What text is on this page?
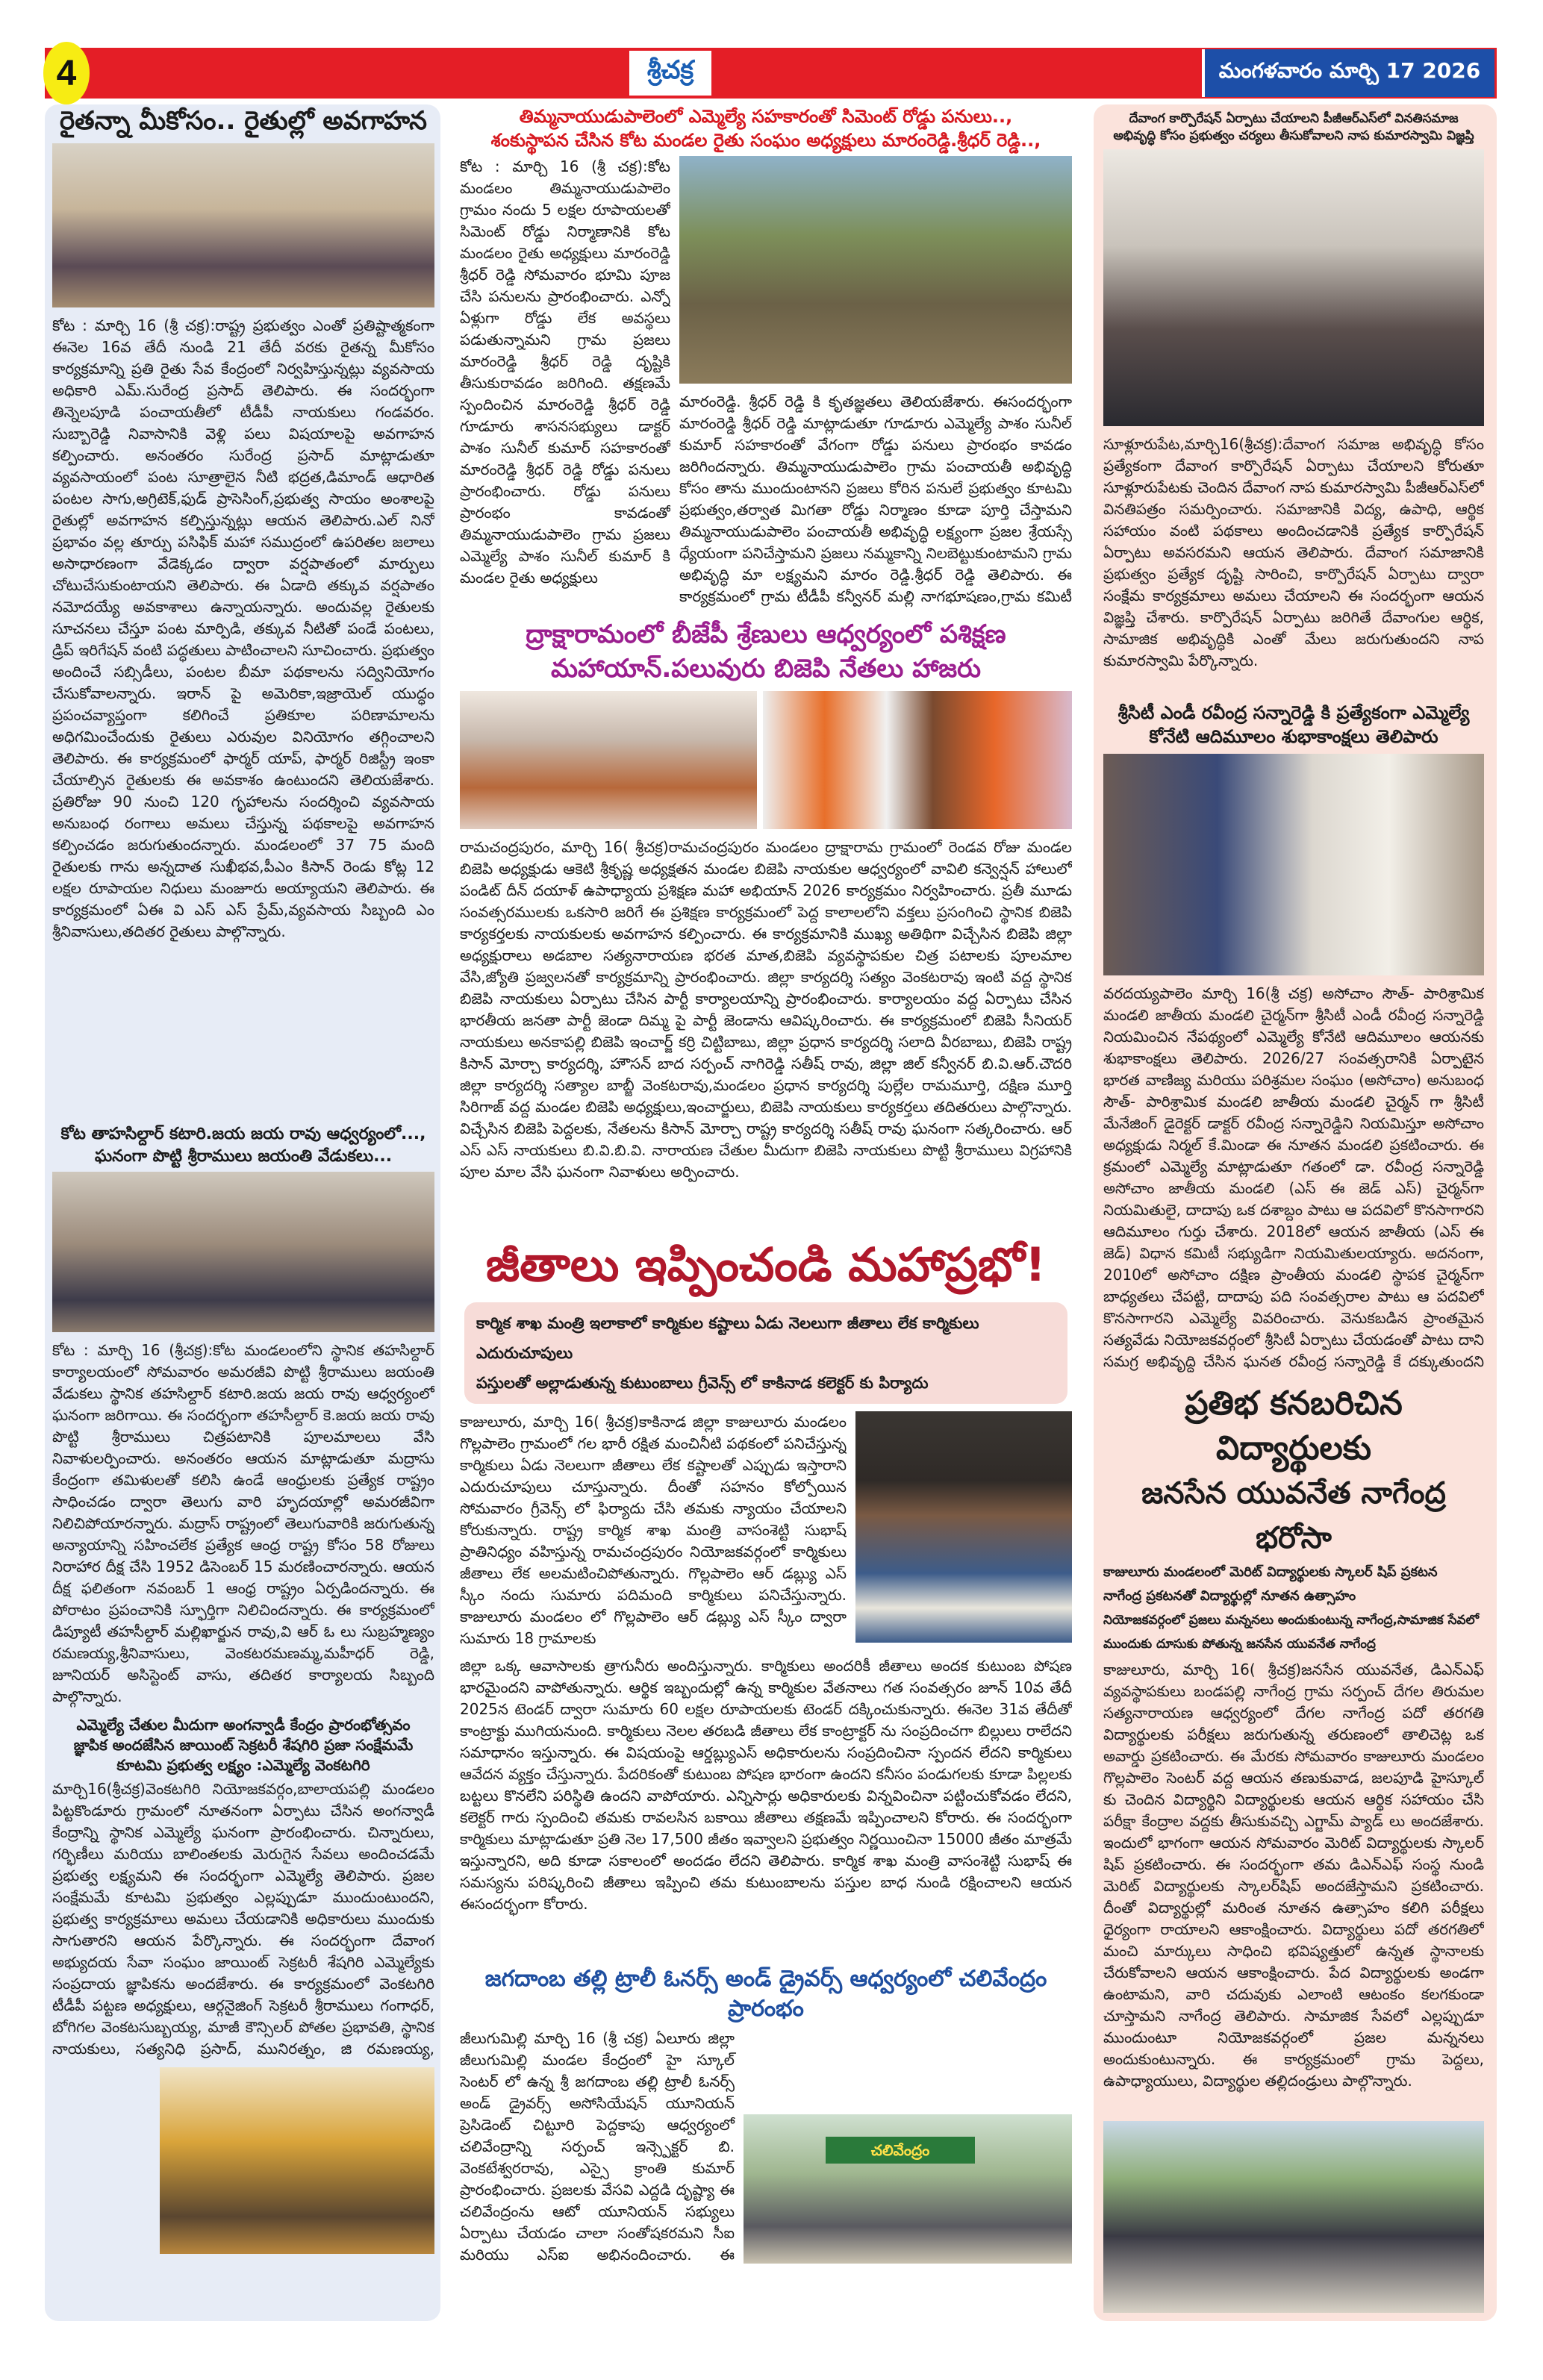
4	శ్రీచక్ర	మంగళవారం మార్చి 17 2026
రైతన్నా మీకోసం.. రైతుల్లో అవగాహన
కోట : మార్చి 16 (శ్రీ చక్ర):రాష్ట్ర ప్రభుత్వం ఎంతో ప్రతిష్టాత్మకంగా ఈనెల 16వ తేదీ నుండి 21 తేదీ వరకు రైతన్న మీకోసం కార్యక్రమాన్ని ప్రతి రైతు సేవ కేంద్రంలో నిర్వహిస్తున్నట్లు వ్యవసాయ అధికారి ఎమ్.సురేంద్ర ప్రసాద్ తెలిపారు. ఈ సందర్భంగా తిన్నెలపూడి పంచాయతీలో టీడీపీ నాయకులు గండవరం. సుబ్బారెడ్డి నివాసానికి వెళ్లి పలు విషయాలపై అవగాహన కల్పించారు. అనంతరం సురేంద్ర ప్రసాద్ మాట్లాడుతూ వ్యవసాయంలో పంట సూత్రాలైన నీటి భద్రత,డిమాండ్ ఆధారిత పంటల సాగు,అగ్రిటెక్,ఫుడ్ ప్రాసెసింగ్,ప్రభుత్వ సాయం అంశాలపై రైతుల్లో అవగాహన కల్పిస్తున్నట్లు ఆయన తెలిపారు.ఎల్ నినో ప్రభావం వల్ల తూర్పు పసిఫిక్ మహా సముద్రంలో ఉపరితల జలాలు అసాధారణంగా వేడెక్కడం ద్వారా వర్షపాతంలో మార్పులు చోటుచేసుకుంటాయని తెలిపారు. ఈ ఏడాది తక్కువ వర్షపాతం నమోదయ్యే అవకాశాలు ఉన్నాయన్నారు. అందువల్ల రైతులకు సూచనలు చేస్తూ పంట మార్పిడి, తక్కువ నీటితో పండే పంటలు, డ్రిప్ ఇరిగేషన్ వంటి పద్ధతులు పాటించాలని సూచించారు. ప్రభుత్వం అందించే సబ్సిడీలు, పంటల బీమా పథకాలను సద్వినియోగం చేసుకోవాలన్నారు. ఇరాన్ పై అమెరికా,ఇజ్రాయెల్ యుద్ధం ప్రపంచవ్యాప్తంగా కలిగించే ప్రతికూల పరిణామాలను అధిగమించేందుకు రైతులు ఎరువుల వినియోగం తగ్గించాలని తెలిపారు. ఈ కార్యక్రమంలో ఫార్మర్ యాప్, ఫార్మర్ రిజిస్ట్రీ ఇంకా చేయాల్సిన రైతులకు ఈ అవకాశం ఉంటుందని తెలియజేశారు. ప్రతిరోజు 90 నుంచి 120 గృహాలను సందర్శించి వ్యవసాయ అనుబంధ రంగాలు అమలు చేస్తున్న పథకాలపై అవగాహన కల్పించడం జరుగుతుందన్నారు. మండలంలో 37 75 మంది రైతులకు గాను అన్నదాత సుఖీభవ,పీఎం కిసాన్ రెండు కోట్ల 12 లక్షల రూపాయల నిధులు మంజూరు అయ్యాయని తెలిపారు. ఈ కార్యక్రమంలో ఏఈ వి ఎస్ ఎస్ ప్రేమ్,వ్యవసాయ సిబ్బంది ఎం శ్రీనివాసులు,తదితర రైతులు పాల్గొన్నారు.
కోట తాహసిల్దార్ కటారి.జయ జయ రావు ఆధ్వర్యంలో...,
ఘనంగా పొట్టి శ్రీరాములు జయంతి వేడుకలు...
కోట : మార్చి 16 (శ్రీచక్ర):కోట మండలంలోని స్థానిక తహసిల్దార్ కార్యాలయంలో సోమవారం అమరజీవి పొట్టి శ్రీరాములు జయంతి వేడుకలు స్థానిక తహసిల్దార్ కటారి.జయ జయ రావు ఆధ్వర్యంలో ఘనంగా జరిగాయి. ఈ సందర్భంగా తహసీల్దార్ కె.జయ జయ రావు పొట్టి శ్రీరాములు చిత్రపటానికి పూలమాలలు వేసి నివాళులర్పించారు. అనంతరం ఆయన మాట్లాడుతూ మద్రాసు కేంద్రంగా తమిళులతో కలిసి ఉండే ఆంధ్రులకు ప్రత్యేక రాష్ట్రం సాధించడం ద్వారా తెలుగు వారి హృదయాల్లో అమరజీవిగా నిలిచిపోయారన్నారు. మద్రాస్ రాష్ట్రంలో తెలుగువారికి జరుగుతున్న అన్యాయాన్ని సహించలేక ప్రత్యేక ఆంధ్ర రాష్ట్ర కోసం 58 రోజులు నిరాహార దీక్ష చేసి 1952 డిసెంబర్ 15 మరణించారన్నారు. ఆయన దీక్ష ఫలితంగా నవంబర్ 1 ఆంధ్ర రాష్ట్రం ఏర్పడిందన్నారు. ఈ పోరాటం ప్రపంచానికి స్ఫూర్తిగా నిలిచిందన్నారు. ఈ కార్యక్రమంలో డిప్యూటీ తహసీల్దార్ మల్లిఖార్జున రావు,వి ఆర్ ఓ లు సుబ్రహ్మణ్యం రమణయ్య,శ్రీనివాసులు, వెంకటరమణమ్మ,మహీధర్ రెడ్డి, జూనియర్ అసిస్టెంట్ వాసు, తదితర కార్యాలయ సిబ్బంది పాల్గొన్నారు.
ఎమ్మెల్యే చేతుల మీదుగా అంగన్వాడీ కేంద్రం ప్రారంభోత్సవం
జ్ఞాపిక అందజేసిన జాయింట్ సెక్రటరీ శేషగిరి ప్రజా సంక్షేమమే
కూటమి ప్రభుత్వ లక్ష్యం :ఎమ్మెల్యే వెంకటగిరి
మార్చి16(శ్రీచక్ర)వెంకటగిరి నియోజకవర్గం,బాలాయపల్లి మండలం పిట్టకొండూరు గ్రామంలో నూతనంగా ఏర్పాటు చేసిన అంగన్వాడీ కేంద్రాన్ని స్థానిక ఎమ్మెల్యే ఘనంగా ప్రారంభించారు. చిన్నారులు, గర్భిణీలు మరియు బాలింతలకు మెరుగైన సేవలు అందించడమే ప్రభుత్వ లక్ష్యమని ఈ సందర్భంగా ఎమ్మెల్యే తెలిపారు. ప్రజల సంక్షేమమే కూటమి ప్రభుత్వం ఎల్లప్పుడూ ముందుంటుందని, ప్రభుత్వ కార్యక్రమాలు అమలు చేయడానికి అధికారులు ముందుకు సాగుతారని ఆయన పేర్కొన్నారు. ఈ సందర్భంగా దేవాంగ అభ్యుదయ సేవా సంఘం జాయింట్ సెక్రటరీ శేషగిరి ఎమ్మెల్యేకు సంప్రదాయ జ్ఞాపికను అందజేశారు. ఈ కార్యక్రమంలో వెంకటగిరి టీడీపీ పట్టణ అధ్యక్షులు, ఆర్గనైజింగ్ సెక్రటరీ శ్రీరాములు గంగాధర్, బోగిగల వెంకటసుబ్బయ్య, మాజీ కౌన్సిలర్ పోతల ప్రభావతి, స్థానిక నాయకులు, సత్యనిధి ప్రసాద్, మునిరత్నం, జి రమణయ్య,
తిమ్మనాయుడుపాలెంలో ఎమ్మెల్యే సహకారంతో సిమెంట్ రోడ్డు పనులు..,
శంకుస్థాపన చేసిన కోట మండల రైతు సంఘం అధ్యక్షులు మారంరెడ్డి.శ్రీధర్ రెడ్డి..,
కోట : మార్చి 16 (శ్రీ చక్ర):కోట మండలం తిమ్మనాయుడుపాలెం గ్రామం నందు 5 లక్షల రూపాయలతో సిమెంట్ రోడ్డు నిర్మాణానికి కోట మండలం రైతు అధ్యక్షులు మారంరెడ్డి శ్రీధర్ రెడ్డి సోమవారం భూమి పూజ చేసి పనులను ప్రారంభించారు. ఎన్నో ఏళ్లుగా రోడ్డు లేక అవస్థలు పడుతున్నామని గ్రామ ప్రజలు మారంరెడ్డి శ్రీధర్ రెడ్డి దృష్టికి తీసుకురావడం జరిగింది. తక్షణమే స్పందించిన మారంరెడ్డి శ్రీధర్ రెడ్డి గూడూరు శాసనసభ్యులు డాక్టర్ పాశం సునీల్ కుమార్ సహకారంతో మారంరెడ్డి శ్రీధర్ రెడ్డి రోడ్డు పనులు ప్రారంభించారు. రోడ్డు పనులు ప్రారంభం కావడంతో తిమ్మనాయుడుపాలెం గ్రామ ప్రజలు ఎమ్మెల్యే పాశం సునీల్ కుమార్ కి మండల రైతు అధ్యక్షులు
మారంరెడ్డి. శ్రీధర్ రెడ్డి కి కృతజ్ఞతలు తెలియజేశారు. ఈసందర్భంగా మారంరెడ్డి శ్రీధర్ రెడ్డి మాట్లాడుతూ గూడూరు ఎమ్మెల్యే పాశం సునీల్ కుమార్ సహకారంతో వేగంగా రోడ్డు పనులు ప్రారంభం కావడం జరిగిందన్నారు. తిమ్మనాయుడుపాలెం గ్రామ పంచాయతీ అభివృద్ధి కోసం తాను ముందుంటానని ప్రజలు కోరిన పనులే ప్రభుత్వం కూటమి ప్రభుత్వం,తర్వాత మిగతా రోడ్డు నిర్మాణం కూడా పూర్తి చేస్తామని తిమ్మనాయుడుపాలెం పంచాయతీ అభివృద్ధి లక్ష్యంగా ప్రజల శ్రేయస్సే ధ్యేయంగా పనిచేస్తామని ప్రజలు నమ్మకాన్ని నిలబెట్టుకుంటామని గ్రామ అభివృద్ధి మా లక్ష్యమని మారం రెడ్డి.శ్రీధర్ రెడ్డి తెలిపారు. ఈ కార్యక్రమంలో గ్రామ టీడీపీ కన్వీనర్ మల్లి నాగభూషణం,గ్రామ కమిటీ
ద్రాక్షారామంలో బీజేపీ శ్రేణులు ఆధ్వర్యంలో పశిక్షణ
మహాయాన్.పలువురు బిజెపి నేతలు హాజరు
రామచంద్రపురం, మార్చి 16( శ్రీచక్ర)రామచంద్రపురం మండలం ద్రాక్షారామ గ్రామంలో రెండవ రోజు మండల బిజెపి అధ్యక్షుడు ఆకెటి శ్రీకృష్ణ అధ్యక్షతన మండల బిజెపి నాయకుల ఆధ్వర్యంలో వావిలి కన్వెన్షన్ హాలులో పండిట్ దీన్ దయాళ్ ఉపాధ్యాయ ప్రశిక్షణ మహా అభియాన్ 2026 కార్యక్రమం నిర్వహించారు. ప్రతీ మూడు సంవత్సరములకు ఒకసారి జరిగే ఈ ప్రశిక్షణ కార్యక్రమంలో పెద్ద కాలాలలోని వక్తలు ప్రసంగించి స్థానిక బిజెపి కార్యకర్తలకు నాయకులకు అవగాహన కల్పించారు. ఈ కార్యక్రమానికి ముఖ్య అతిథిగా విచ్చేసిన బిజెపి జిల్లా అధ్యక్షురాలు అడబాల సత్యనారాయణ భరత మాత,బిజెపి వ్యవస్థాపకుల చిత్ర పటాలకు పూలమాల వేసి,జ్యోతి ప్రజ్వలనతో కార్యక్రమాన్ని ప్రారంభించారు. జిల్లా కార్యదర్శి సత్యం వెంకటరావు ఇంటి వద్ద స్థానిక బిజెపి నాయకులు ఏర్పాటు చేసిన పార్టీ కార్యాలయాన్ని ప్రారంభించారు. కార్యాలయం వద్ద ఏర్పాటు చేసిన భారతీయ జనతా పార్టీ జెండా దిమ్మ పై పార్టీ జెండాను ఆవిష్కరించారు. ఈ కార్యక్రమంలో బిజెపి సీనియర్ నాయకులు అనకాపల్లి బిజెపి ఇంచార్జ్ కర్రి చిట్టిబాబు, జిల్లా ప్రధాన కార్యదర్శి సలాది వీరబాబు, బిజెపి రాష్ట్ర కిసాన్ మోర్చా కార్యదర్శి, హౌసన్ బాద సర్పంచ్ నాగిరెడ్డి సతీష్ రావు, జిల్లా జిల్ కన్వీనర్ బి.వి.ఆర్.చౌదరి జిల్లా కార్యదర్శి సత్యాల బాబ్జీ వెంకటరావు,మండలం ప్రధాన కార్యదర్శి పుల్లేల రామమూర్తి, దక్షిణ మూర్తి సిరిగాజ్ వద్ద మండల బిజెపి అధ్యక్షులు,ఇంచార్జులు, బిజెపి నాయకులు కార్యకర్తలు తదితరులు పాల్గొన్నారు. విచ్చేసిన బిజెపి పెద్దలకు, నేతలను కిసాన్ మోర్చా రాష్ట్ర కార్యదర్శి సతీష్ రావు ఘనంగా సత్కరించారు. ఆర్ ఎస్ ఎస్ నాయకులు బి.వి.బి.వి. నారాయణ చేతుల మీదుగా బిజెపి నాయకులు పొట్టి శ్రీరాములు విగ్రహానికి పూల మాల వేసి ఘనంగా నివాళులు అర్పించారు.
జీతాలు ఇప్పించండి మహాప్రభో!
కార్మిక శాఖ మంత్రి ఇలాకాలో కార్మికుల కష్టాలు ఏడు నెలలుగా జీతాలు లేక కార్మికులు ఎదురుచూపులు
పస్తులతో అల్లాడుతున్న కుటుంబాలు గ్రీవెన్స్ లో కాకినాడ కలెక్టర్ కు పిర్యాదు
కాజులూరు, మార్చి 16( శ్రీచక్ర)కాకినాడ జిల్లా కాజులూరు మండలం గొల్లపాలెం గ్రామంలో గల భారీ రక్షిత మంచినీటి పథకంలో పనిచేస్తున్న కార్మికులు ఏడు నెలలుగా జీతాలు లేక కష్టాలతో ఎప్పుడు ఇస్తారాని ఎదురుచూపులు చూస్తున్నారు. దీంతో సహనం కోల్పోయిన సోమవారం గ్రీవెన్స్ లో ఫిర్యాదు చేసి తమకు న్యాయం చేయాలని కోరుకున్నారు. రాష్ట్ర కార్మిక శాఖ మంత్రి వాసంశెట్టి సుభాష్ ప్రాతినిధ్యం వహిస్తున్న రామచంద్రపురం నియోజకవర్గంలో కార్మికులు జీతాలు లేక అలమటించిపోతున్నారు. గొల్లపాలెం ఆర్ డబ్ల్యు ఎస్ స్కీం నందు సుమారు పదిమంది కార్మికులు పనిచేస్తున్నారు. కాజులూరు మండలం లో గొల్లపాలెం ఆర్ డబ్ల్యు ఎస్ స్కీం ద్వారా సుమారు 18 గ్రామాలకు
జిల్లా ఒక్క ఆవాసాలకు త్రాగునీరు అందిస్తున్నారు. కార్మికులు అందరికీ జీతాలు అందక కుటుంబ పోషణ భారమైందని వాపోతున్నారు. ఆర్థిక ఇబ్బందుల్లో ఉన్న కార్మికుల వేతనాలు గత సంవత్సరం జూన్ 10వ తేదీ 2025న టెండర్ ద్వారా సుమారు 60 లక్షల రూపాయలకు టెండర్ దక్కించుకున్నారు. ఈనెల 31వ తేదీతో కాంట్రాక్టు ముగియనుంది. కార్మికులు నెలల తరబడి జీతాలు లేక కాంట్రాక్టర్ ను సంప్రదించగా బిల్లులు రాలేదని సమాధానం ఇస్తున్నారు. ఈ విషయంపై ఆర్డబ్ల్యుఎస్ అధికారులను సంప్రదించినా స్పందన లేదని కార్మికులు ఆవేదన వ్యక్తం చేస్తున్నారు. పేదరికంతో కుటుంబ పోషణ భారంగా ఉందని కనీసం పండుగలకు కూడా పిల్లలకు బట్టలు కొనలేని పరిస్థితి ఉందని వాపోయారు. ఎన్నిసార్లు అధికారులకు విన్నవించినా పట్టించుకోవడం లేదని, కలెక్టర్ గారు స్పందించి తమకు రావలసిన బకాయి జీతాలు తక్షణమే ఇప్పించాలని కోరారు. ఈ సందర్భంగా కార్మికులు మాట్లాడుతూ ప్రతి నెల 17,500 జీతం ఇవ్వాలని ప్రభుత్వం నిర్ణయించినా 15000 జీతం మాత్రమే ఇస్తున్నారని, అది కూడా సకాలంలో అందడం లేదని తెలిపారు. కార్మిక శాఖ మంత్రి వాసంశెట్టి సుభాష్ ఈ సమస్యను పరిష్కరించి జీతాలు ఇప్పించి తమ కుటుంబాలను పస్తుల బాధ నుండి రక్షించాలని ఆయన ఈసందర్భంగా కోరారు.
జగదాంబ తల్లి ట్రాలీ ఓనర్స్ అండ్ డ్రైవర్స్ ఆధ్వర్యంలో చలివేంద్రం ప్రారంభం
చలివేంద్రం
జీలుగుమిల్లి మార్చి 16 (శ్రీ చక్ర) ఏలూరు జిల్లా జీలుగుమిల్లి మండల కేంద్రంలో హై స్కూల్ సెంటర్ లో ఉన్న శ్రీ జగదాంబ తల్లి ట్రాలీ ఓనర్స్ అండ్ డ్రైవర్స్ అసోసియేషన్ యూనియన్ ప్రెసిడెంట్ చిట్టూరి పెద్దకాపు ఆధ్వర్యంలో చలివేంద్రాన్ని సర్పంచ్ ఇన్స్పెక్టర్ బి. వెంకటేశ్వరరావు, ఎస్సై క్రాంతి కుమార్ ప్రారంభించారు. ప్రజలకు వేసవి ఎద్దడి దృష్ట్యా ఈ చలివేంద్రంను ఆటో యూనియన్ సభ్యులు ఏర్పాటు చేయడం చాలా సంతోషకరమని సీఐ మరియు ఎస్ఐ అభినందించారు. ఈ
దేవాంగ కార్పొరేషన్ ఏర్పాటు చేయాలని పీజీఆర్ఎస్‌లో వినతిసమాజ
అభివృద్ధి కోసం ప్రభుత్వం చర్యలు తీసుకోవాలని నాప కుమారస్వామి విజ్ఞప్తి
సూళ్లూరుపేట,మార్చి16(శ్రీచక్ర):దేవాంగ సమాజ అభివృద్ధి కోసం ప్రత్యేకంగా దేవాంగ కార్పొరేషన్ ఏర్పాటు చేయాలని కోరుతూ సూళ్లూరుపేటకు చెందిన దేవాంగ నాప కుమారస్వామి పీజీఆర్ఎస్‌లో వినతిపత్రం సమర్పించారు. సమాజానికి విద్య, ఉపాధి, ఆర్థిక సహాయం వంటి పథకాలు అందించడానికి ప్రత్యేక కార్పొరేషన్ ఏర్పాటు అవసరమని ఆయన తెలిపారు. దేవాంగ సమాజానికి ప్రభుత్వం ప్రత్యేక దృష్టి సారించి, కార్పొరేషన్ ఏర్పాటు ద్వారా సంక్షేమ కార్యక్రమాలు అమలు చేయాలని ఈ సందర్భంగా ఆయన విజ్ఞప్తి చేశారు. కార్పొరేషన్ ఏర్పాటు జరిగితే దేవాంగుల ఆర్థిక, సామాజిక అభివృద్ధికి ఎంతో మేలు జరుగుతుందని నాప కుమారస్వామి పేర్కొన్నారు.
శ్రీసిటీ ఎండీ రవీంద్ర సన్నారెడ్డి కి ప్రత్యేకంగా ఎమ్మెల్యే
కోనేటి ఆదిమూలం శుభాకాంక్షలు తెలిపారు
వరదయ్యపాలెం మార్చి 16(శ్రీ చక్ర) అసోచాం సౌత్- పారిశ్రామిక మండలి జాతీయ మండలి చైర్మన్‌గా శ్రీసిటీ ఎండీ రవీంద్ర సన్నారెడ్డి నియమించిన నేపథ్యంలో ఎమ్మెల్యే కోనేటి ఆదిమూలం ఆయనకు శుభాకాంక్షలు తెలిపారు. 2026/27 సంవత్సరానికి ఏర్పాటైన భారత వాణిజ్య మరియు పరిశ్రమల సంఘం (అసోచాం) అనుబంధ సౌత్- పారిశ్రామిక మండలి జాతీయ మండలి చైర్మన్ గా శ్రీసిటీ మేనేజింగ్ డైరెక్టర్ డాక్టర్ రవీంద్ర సన్నారెడ్డిని నియమిస్తూ అసోచాం అధ్యక్షుడు నిర్మల్ కే.మిండా ఈ నూతన మండలి ప్రకటించారు. ఈ క్రమంలో ఎమ్మెల్యే మాట్లాడుతూ గతంలో డా. రవీంద్ర సన్నారెడ్డి అసోచాం జాతీయ మండలి (ఎస్ ఈ జెడ్ ఎస్) చైర్మన్‌గా నియమితులై, దాదాపు ఒక దశాబ్దం పాటు ఆ పదవిలో కొనసాగారని ఆదిమూలం గుర్తు చేశారు. 2018లో ఆయన జాతీయ (ఎస్ ఈ జెడ్) విధాన కమిటీ సభ్యుడిగా నియమితులయ్యారు. అదనంగా, 2010లో అసోచాం దక్షిణ ప్రాంతీయ మండలి స్థాపక చైర్మన్‌గా బాధ్యతలు చేపట్టి, దాదాపు పది సంవత్సరాల పాటు ఆ పదవిలో కొనసాగారని ఎమ్మెల్యే వివరించారు. వెనుకబడిన ప్రాంతమైన సత్యవేడు నియోజకవర్గంలో శ్రీసిటీ ఏర్పాటు చేయడంతో పాటు దాని సమగ్ర అభివృద్ధి చేసిన ఘనత రవీంద్ర సన్నారెడ్డి కే దక్కుతుందని
ప్రతిభ కనబరిచిన విద్యార్థులకు
జనసేన యువనేత నాగేంద్ర భరోసా
కాజులూరు మండలంలో మెరిట్ విద్యార్థులకు స్కాలర్ షిప్ ప్రకటన
నాగేంద్ర ప్రకటనతో విద్యార్థుల్లో నూతన ఉత్సాహం
నియోజకవర్గంలో ప్రజలు మన్ననలు అందుకుంటున్న నాగేంద్ర,సామాజిక సేవలో
ముందుకు దూసుకు పోతున్న జనసేన యువనేత నాగేంద్ర
కాజులూరు, మార్చి 16( శ్రీచక్ర)జనసేన యువనేత, డిఎన్ఎఫ్ వ్యవస్థాపకులు బండపల్లి నాగేంద్ర గ్రామ సర్పంచ్ దేగల తిరుమల సత్యనారాయణ ఆధ్వర్యంలో దేగల నాగేంద్ర పదో తరగతి విద్యార్థులకు పరీక్షలు జరుగుతున్న తరుణంలో తాలిచెట్ల ఒక అవార్డు ప్రకటించారు. ఈ మేరకు సోమవారం కాజులూరు మండలం గొల్లపాలెం సెంటర్ వద్ద ఆయన తణుకువాడ, జలపూడి హైస్కూల్ కు చెందిన విద్యార్థిని విద్యార్థులకు ఆయన ఆర్థిక సహాయం చేసి పరీక్షా కేంద్రాల వద్దకు తీసుకువచ్చి ఎగ్జామ్ ప్యాడ్ లు అందజేశారు. ఇందులో భాగంగా ఆయన సోమవారం మెరిట్ విద్యార్థులకు స్కాలర్ షిప్ ప్రకటించారు. ఈ సందర్భంగా తమ డిఎన్ఎఫ్ సంస్థ నుండి మెరిట్ విద్యార్థులకు స్కాలర్‌షిప్ అందజేస్తామని ప్రకటించారు. దీంతో విద్యార్థుల్లో మరింత నూతన ఉత్సాహం కలిగి పరీక్షలు ధైర్యంగా రాయాలని ఆకాంక్షించారు. విద్యార్థులు పదో తరగతిలో మంచి మార్కులు సాధించి భవిష్యత్తులో ఉన్నత స్థానాలకు చేరుకోవాలని ఆయన ఆకాంక్షించారు. పేద విద్యార్థులకు అండగా ఉంటామని, వారి చదువుకు ఎలాంటి ఆటంకం కలగకుండా చూస్తామని నాగేంద్ర తెలిపారు. సామాజిక సేవలో ఎల్లప్పుడూ ముందుంటూ నియోజకవర్గంలో ప్రజల మన్ననలు అందుకుంటున్నారు. ఈ కార్యక్రమంలో గ్రామ పెద్దలు, ఉపాధ్యాయులు, విద్యార్థుల తల్లిదండ్రులు పాల్గొన్నారు.
